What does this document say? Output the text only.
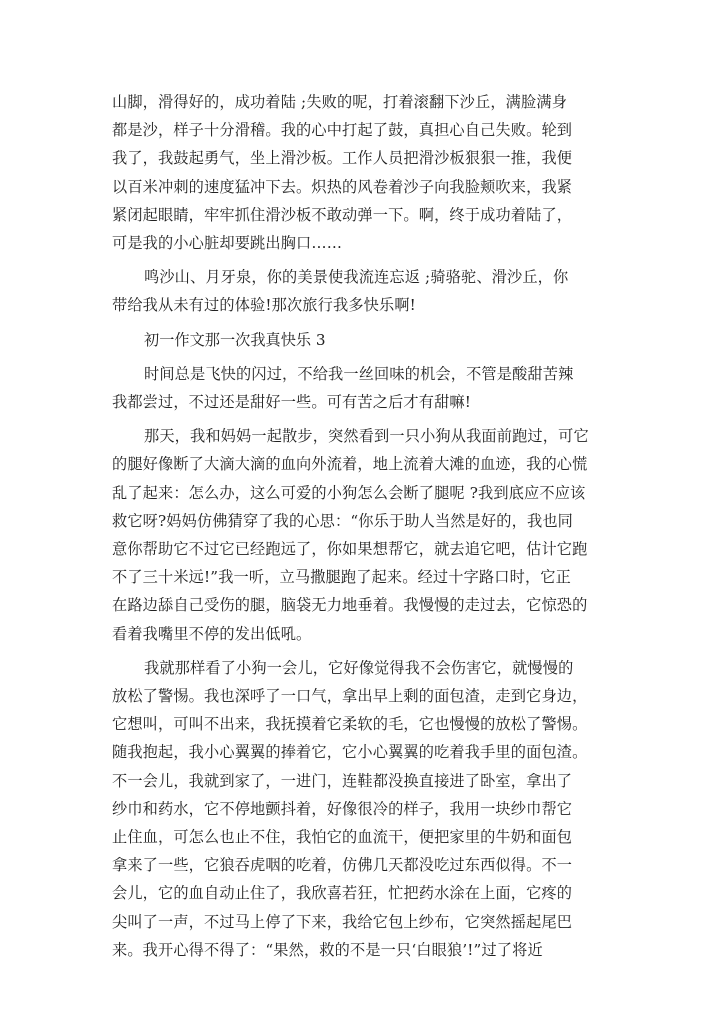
山脚，滑得好的，成功着陆 ;失败的呢，打着滚翻下沙丘，满脸满身
都是沙，样子十分滑稽。我的心中打起了鼓，真担心自己失败。轮到
我了，我鼓起勇气，坐上滑沙板。工作人员把滑沙板狠狠一推，我便
以百米冲刺的速度猛冲下去。炽热的风卷着沙子向我脸颊吹来，我紧
紧闭起眼睛，牢牢抓住滑沙板不敢动弹一下。啊，终于成功着陆了，
可是我的小心脏却要跳出胸口……

鸣沙山、月牙泉，你的美景使我流连忘返 ;骑骆驼、滑沙丘，你
带给我从未有过的体验!那次旅行我多快乐啊!

初一作文那一次我真快乐 3

时间总是飞快的闪过，不给我一丝回味的机会，不管是酸甜苦辣
我都尝过，不过还是甜好一些。可有苦之后才有甜嘛!

那天，我和妈妈一起散步，突然看到一只小狗从我面前跑过，可它
的腿好像断了大滴大滴的血向外流着，地上流着大滩的血迹，我的心慌
乱了起来：怎么办，这么可爱的小狗怎么会断了腿呢 ?我到底应不应该
救它呀?妈妈仿佛猜穿了我的心思：“你乐于助人当然是好的，我也同
意你帮助它不过它已经跑远了，你如果想帮它，就去追它吧，估计它跑
不了三十米远!”我一听，立马撒腿跑了起来。经过十字路口时，它正
在路边舔自己受伤的腿，脑袋无力地垂着。我慢慢的走过去，它惊恐的
看着我嘴里不停的发出低吼。

我就那样看了小狗一会儿，它好像觉得我不会伤害它，就慢慢的
放松了警惕。我也深呼了一口气，拿出早上剩的面包渣，走到它身边，
它想叫，可叫不出来，我抚摸着它柔软的毛，它也慢慢的放松了警惕。
随我抱起，我小心翼翼的捧着它，它小心翼翼的吃着我手里的面包渣。
不一会儿，我就到家了，一进门，连鞋都没换直接进了卧室，拿出了
纱巾和药水，它不停地颤抖着，好像很冷的样子，我用一块纱巾帮它
止住血，可怎么也止不住，我怕它的血流干，便把家里的牛奶和面包
拿来了一些，它狼吞虎咽的吃着，仿佛几天都没吃过东西似得。不一
会儿，它的血自动止住了，我欣喜若狂，忙把药水涂在上面，它疼的
尖叫了一声，不过马上停了下来，我给它包上纱布，它突然摇起尾巴
来。我开心得不得了：“果然，救的不是一只‘白眼狼’!”过了将近
